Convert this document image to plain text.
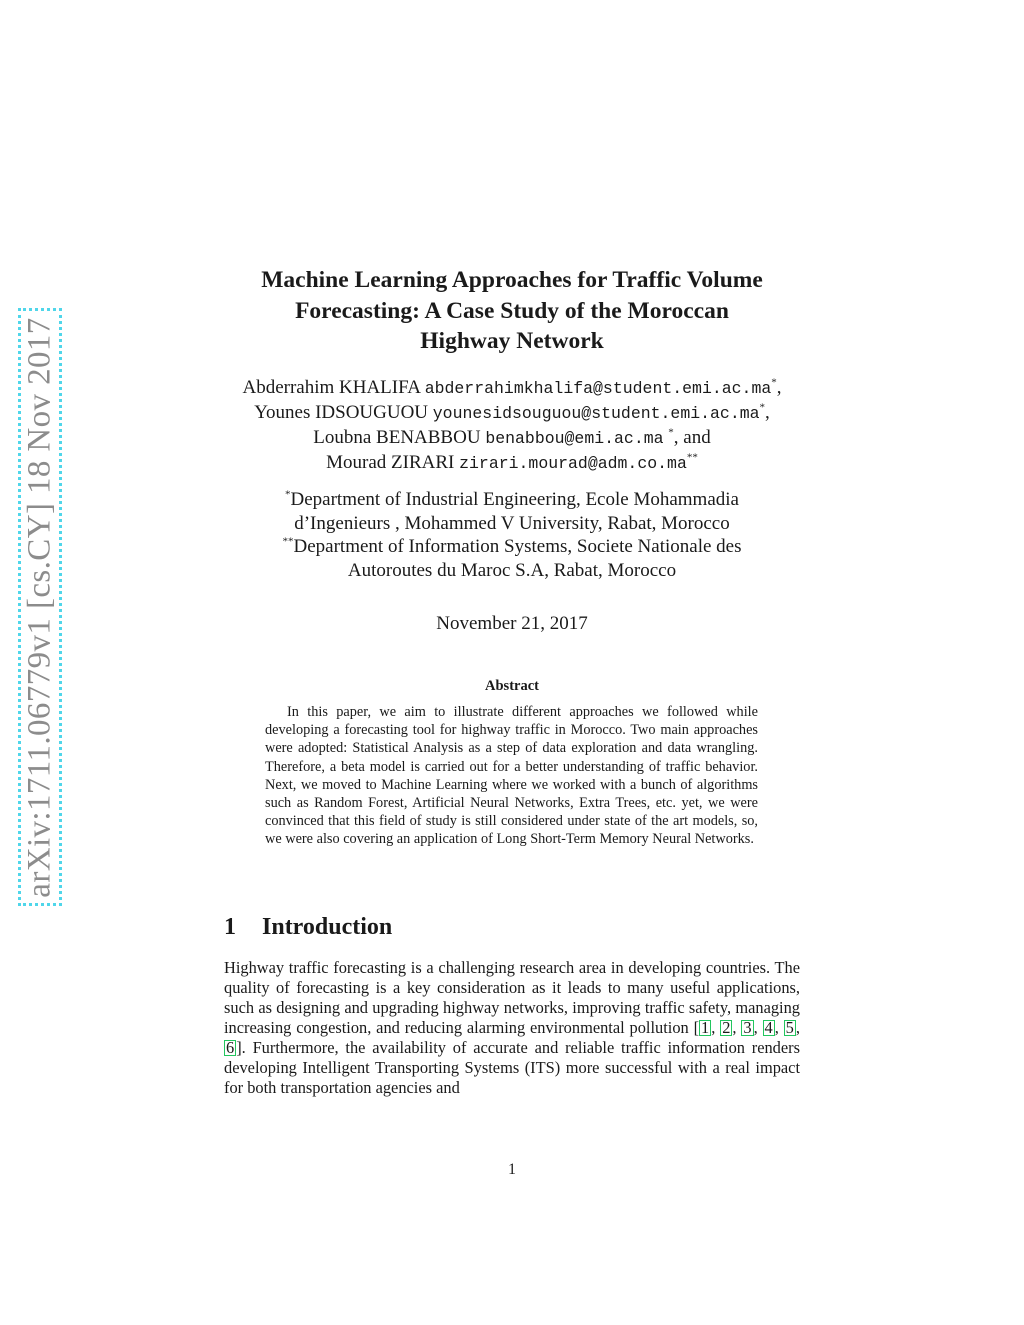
arXiv:1711.06779v1 [cs.CY] 18 Nov 2017
Machine Learning Approaches for Traffic Volume
Forecasting: A Case Study of the Moroccan
Highway Network
Abderrahim KHALIFA abderrahimkhalifa@student.emi.ac.ma*,
Younes IDSOUGUOU younesidsouguou@student.emi.ac.ma*,
Loubna BENABBOU benabbou@emi.ac.ma *, and
Mourad ZIRARI zirari.mourad@adm.co.ma**
*Department of Industrial Engineering, Ecole Mohammadia
d’Ingenieurs , Mohammed V University, Rabat, Morocco
**Department of Information Systems, Societe Nationale des
Autoroutes du Maroc S.A, Rabat, Morocco
November 21, 2017
Abstract

In this paper, we aim to illustrate different approaches we followed while developing a forecasting tool for highway traffic in Morocco. Two main approaches were adopted: Statistical Analysis as a step of data exploration and data wrangling. Therefore, a beta model is carried out for a better understanding of traffic behavior. Next, we moved to Machine Learning where we worked with a bunch of algorithms such as Random Forest, Artificial Neural Networks, Extra Trees, etc. yet, we were convinced that this field of study is still considered under state of the art models, so, we were also covering an application of Long Short-Term Memory Neural Networks.

1 Introduction

Highway traffic forecasting is a challenging research area in developing countries. The quality of forecasting is a key consideration as it leads to many useful applications, such as designing and upgrading highway networks, improving traffic safety, managing increasing congestion, and reducing alarming environmental pollution [ 1 , 2 , 3 , 4 , 5 , 6 ]. Furthermore, the availability of accurate and reliable traffic information renders developing Intelligent Transporting Systems (ITS) more successful with a real impact for both transportation agencies and

1
